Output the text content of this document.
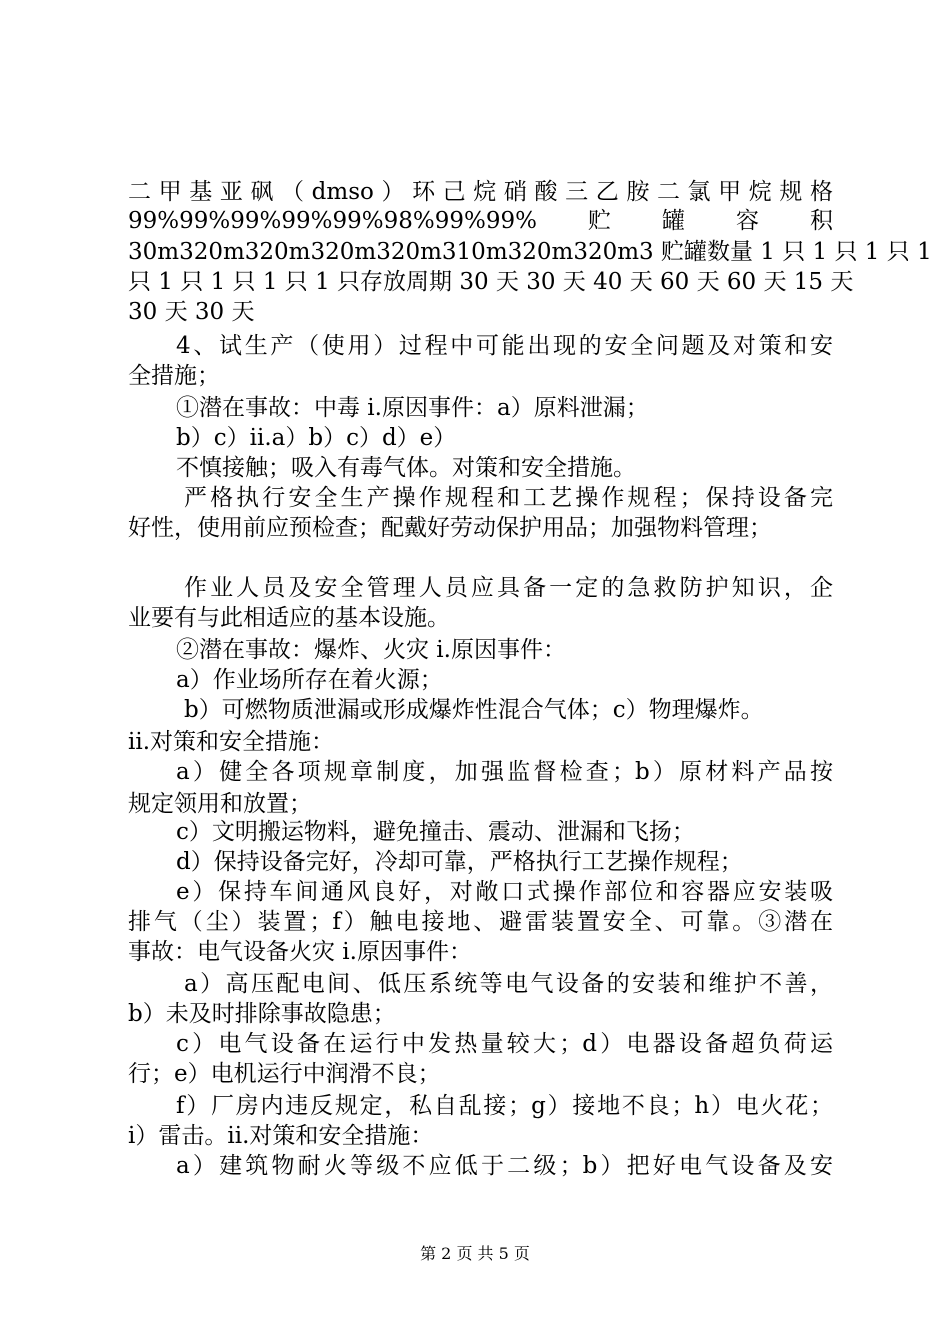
二甲基亚砜（dmso）环己烷硝酸三乙胺二氯甲烷规格
99%99%99%99%99%98%99%99%　贮　罐　容　积
30m320m320m320m320m310m320m320m3 贮罐数量 1 只 1 只 1 只 1
只 1 只 1 只 1 只 1 只存放周期 30 天 30 天 40 天 60 天 60 天 15 天
30 天 30 天
4、试生产（使用）过程中可能出现的安全问题及对策和安
全措施；
①潜在事故：中毒 i.原因事件：a）原料泄漏；
b）c）ii.a）b）c）d）e）
不慎接触；吸入有毒气体。对策和安全措施。
严格执行安全生产操作规程和工艺操作规程；保持设备完
好性，使用前应预检查；配戴好劳动保护用品；加强物料管理；
作业人员及安全管理人员应具备一定的急救防护知识，企
业要有与此相适应的基本设施。
②潜在事故：爆炸、火灾 i.原因事件：
a）作业场所存在着火源；
b）可燃物质泄漏或形成爆炸性混合气体；c）物理爆炸。
ii.对策和安全措施：
a）健全各项规章制度，加强监督检查；b）原材料产品按
规定领用和放置；
c）文明搬运物料，避免撞击、震动、泄漏和飞扬；
d）保持设备完好，冷却可靠，严格执行工艺操作规程；
e）保持车间通风良好，对敞口式操作部位和容器应安装吸
排气（尘）装置；f）触电接地、避雷装置安全、可靠。③潜在
事故：电气设备火灾 i.原因事件：
a）高压配电间、低压系统等电气设备的安装和维护不善，
b）未及时排除事故隐患；
c）电气设备在运行中发热量较大；d）电器设备超负荷运
行；e）电机运行中润滑不良；
f）厂房内违反规定，私自乱接；g）接地不良；h）电火花；
i）雷击。ii.对策和安全措施：
a）建筑物耐火等级不应低于二级；b）把好电气设备及安
第 2 页 共 5 页
